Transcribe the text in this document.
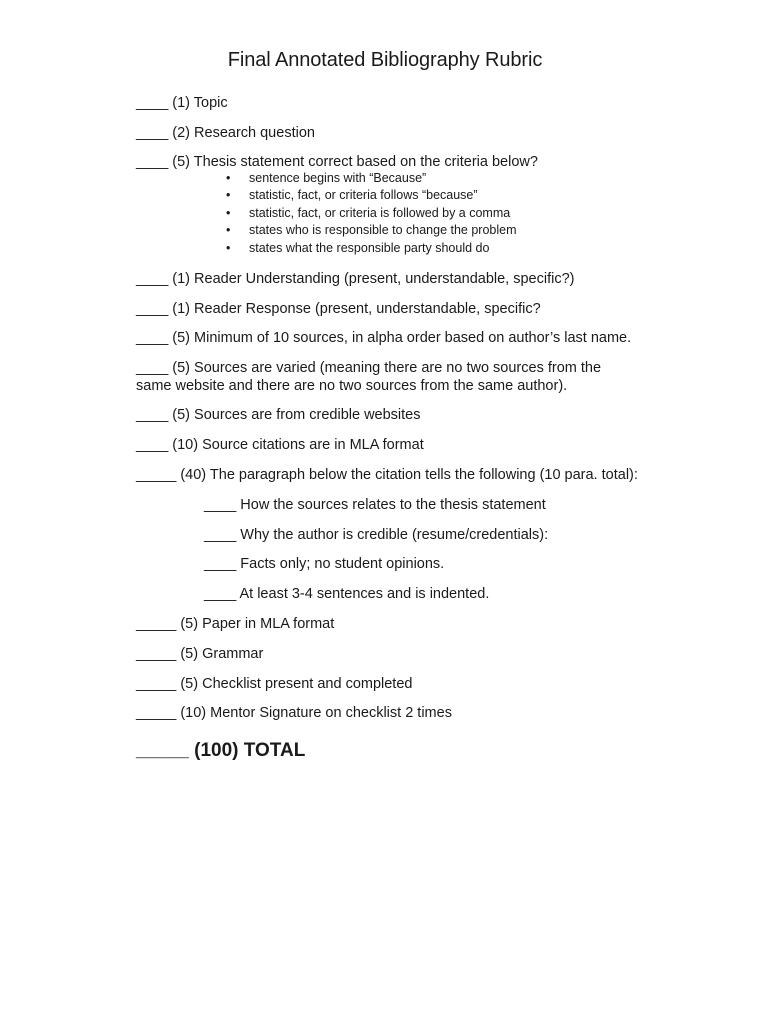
Final Annotated Bibliography Rubric
____ (1) Topic
____ (2) Research question
____ (5) Thesis statement correct based on the criteria below?
• sentence begins with “Because”
• statistic, fact, or criteria follows “because”
• statistic, fact, or criteria is followed by a comma
• states who is responsible to change the problem
• states what the responsible party should do
____ (1) Reader Understanding (present, understandable, specific?)
____ (1) Reader Response (present, understandable, specific?
____ (5) Minimum of 10 sources, in alpha order based on author’s last name.
____ (5) Sources are varied (meaning there are no two sources from the same website and there are no two sources from the same author).
____ (5) Sources are from credible websites
____ (10) Source citations are in MLA format
_____ (40) The paragraph below the citation tells the following (10 para. total):
____ How the sources relates to the thesis statement
____ Why the author is credible (resume/credentials):
____ Facts only; no student opinions.
____ At least 3-4 sentences and is indented.
_____ (5) Paper in MLA format
_____ (5) Grammar
_____ (5) Checklist present and completed
_____ (10) Mentor Signature on checklist 2 times
_____ (100) TOTAL
